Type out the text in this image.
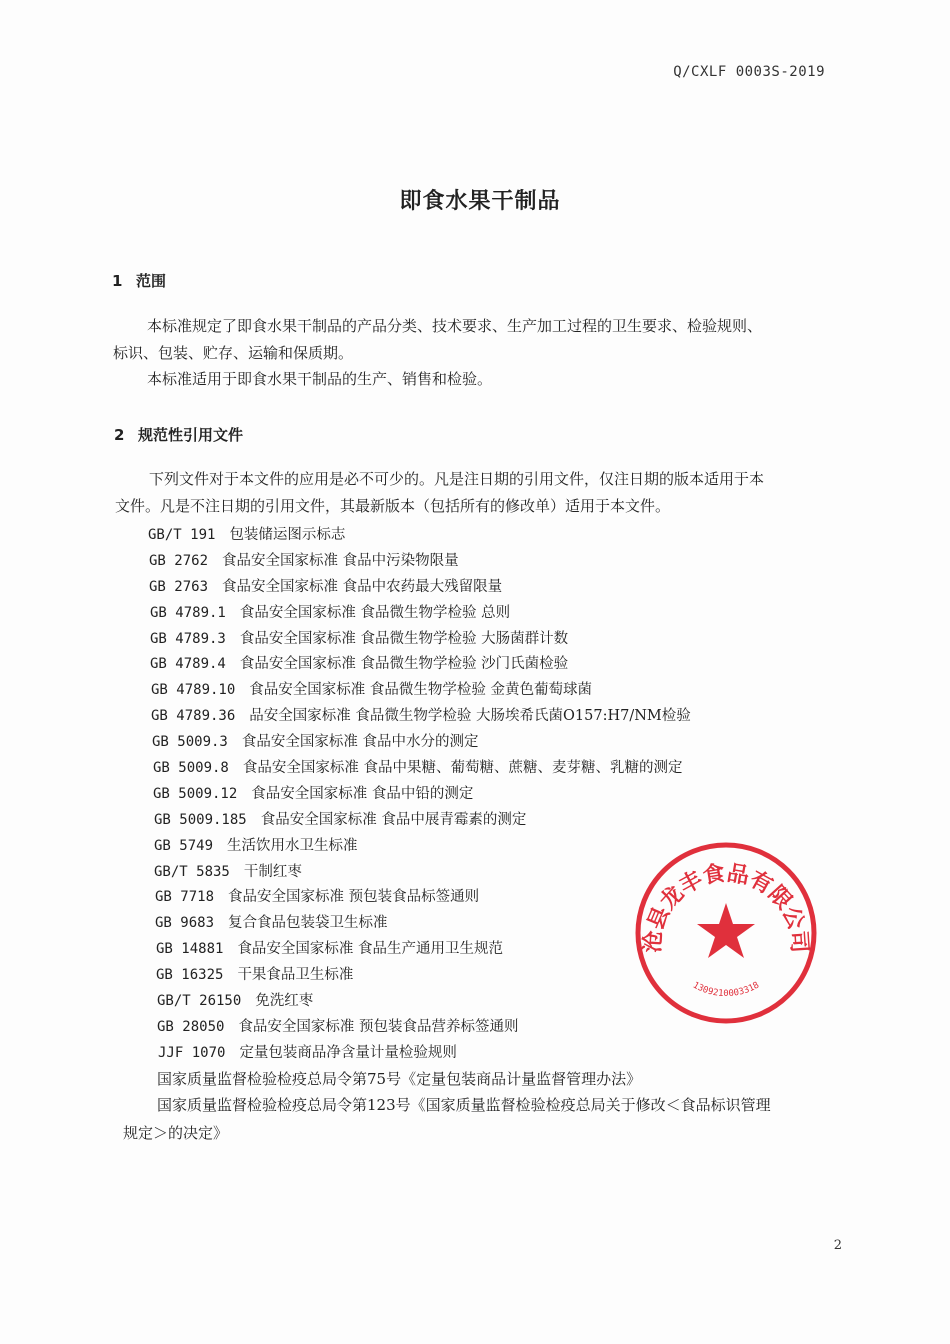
Q/CXLF 0003S-2019
即食水果干制品
1 范围
本标准规定了即食水果干制品的产品分类、技术要求、生产加工过程的卫生要求、检验规则、
标识、包装、贮存、运输和保质期。
本标准适用于即食水果干制品的生产、销售和检验。
2 规范性引用文件
下列文件对于本文件的应用是必不可少的。凡是注日期的引用文件，仅注日期的版本适用于本
文件。凡是不注日期的引用文件，其最新版本（包括所有的修改单）适用于本文件。
GB/T 191 包装储运图示标志
GB 2762 食品安全国家标准 食品中污染物限量
GB 2763 食品安全国家标准 食品中农药最大残留限量
GB 4789.1 食品安全国家标准 食品微生物学检验 总则
GB 4789.3 食品安全国家标准 食品微生物学检验 大肠菌群计数
GB 4789.4 食品安全国家标准 食品微生物学检验 沙门氏菌检验
GB 4789.10 食品安全国家标准 食品微生物学检验 金黄色葡萄球菌
GB 4789.36 品安全国家标准 食品微生物学检验 大肠埃希氏菌O157:H7/NM检验
GB 5009.3 食品安全国家标准 食品中水分的测定
GB 5009.8 食品安全国家标准 食品中果糖、葡萄糖、蔗糖、麦芽糖、乳糖的测定
GB 5009.12 食品安全国家标准 食品中铅的测定
GB 5009.185 食品安全国家标准 食品中展青霉素的测定
GB 5749 生活饮用水卫生标准
GB/T 5835 干制红枣
GB 7718 食品安全国家标准 预包装食品标签通则
GB 9683 复合食品包装袋卫生标准
GB 14881 食品安全国家标准 食品生产通用卫生规范
GB 16325 干果食品卫生标准
GB/T 26150 免洗红枣
GB 28050 食品安全国家标准 预包装食品营养标签通则
JJF 1070 定量包装商品净含量计量检验规则
国家质量监督检验检疫总局令第75号《定量包装商品计量监督管理办法》
国家质量监督检验检疫总局令第123号《国家质量监督检验检疫总局关于修改＜食品标识管理
规定＞的决定》
沧县龙丰食品有限公司
1309210003318
2
